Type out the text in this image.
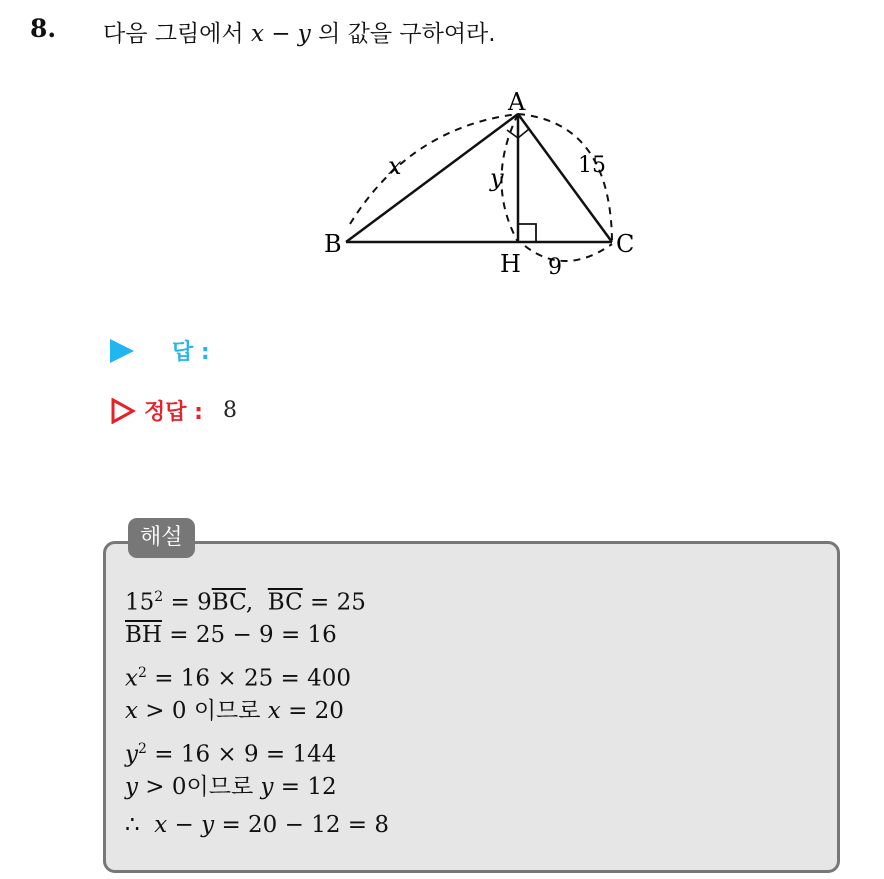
8. 다음 그림에서 x − y 의 값을 구하여라.
A
B	C
H
x	y	15
9
답 :
정답 : 8
해설
$15^2 = 9\overline{BC}$,  $\overline{BC} = 25$
$\overline{BH} = 25 - 9 = 16$
$x^2 = 16 \times 25 = 400$
x > 0 이므로 x = 20
$y^2 = 16 \times 9 = 144$
y > 0이므로 y = 12
∴  x − y = 20 − 12 = 8
